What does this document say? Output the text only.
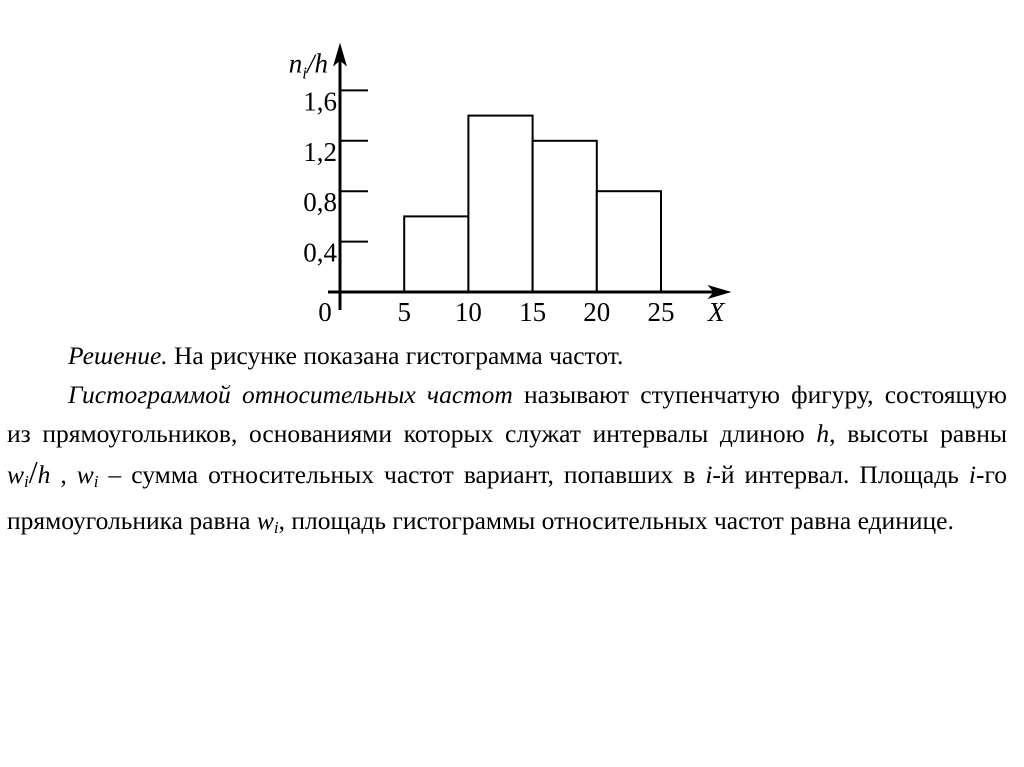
0,4
0,8
1,2
1,6
0 5 10 15 20 25
$n_i/h$
X

Решение. На рисунке показана гистограмма частот.

Гистограммой относительных частот называют ступенчатую фигуру, состоящую из прямоугольников, основаниями которых служат интервалы длиною h, высоты равны $w_i/h$ , $w_i$ – сумма относительных частот вариант, попавших в i-й интервал. Площадь i-го прямоугольника равна $w_i$, площадь гистограммы относительных частот равна единице.
